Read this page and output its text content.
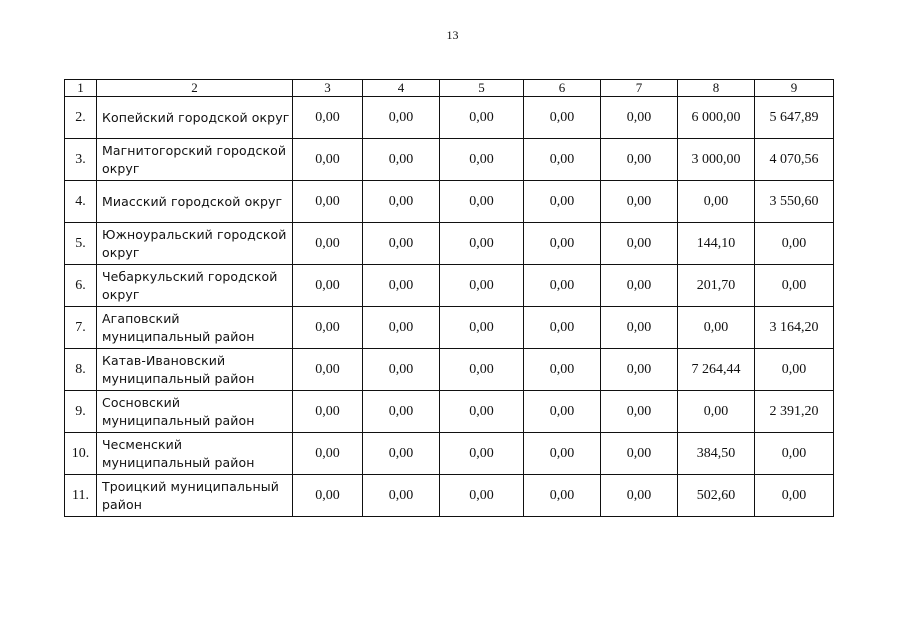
13
1	2	3	4	5	6	7	8	9
2.	Копейский городской округ	0,00	0,00	0,00	0,00	0,00	6 000,00	5 647,89
3.	Магнитогорский городской округ	0,00	0,00	0,00	0,00	0,00	3 000,00	4 070,56
4.	Миасский городской округ	0,00	0,00	0,00	0,00	0,00	0,00	3 550,60
5.	Южноуральский городской округ	0,00	0,00	0,00	0,00	0,00	144,10	0,00
6.	Чебаркульский городской округ	0,00	0,00	0,00	0,00	0,00	201,70	0,00
7.	Агаповский муниципальный район	0,00	0,00	0,00	0,00	0,00	0,00	3 164,20
8.	Катав-Ивановский муниципальный район	0,00	0,00	0,00	0,00	0,00	7 264,44	0,00
9.	Сосновский муниципальный район	0,00	0,00	0,00	0,00	0,00	0,00	2 391,20
10.	Чесменский муниципальный район	0,00	0,00	0,00	0,00	0,00	384,50	0,00
11.	Троицкий муниципальный район	0,00	0,00	0,00	0,00	0,00	502,60	0,00
